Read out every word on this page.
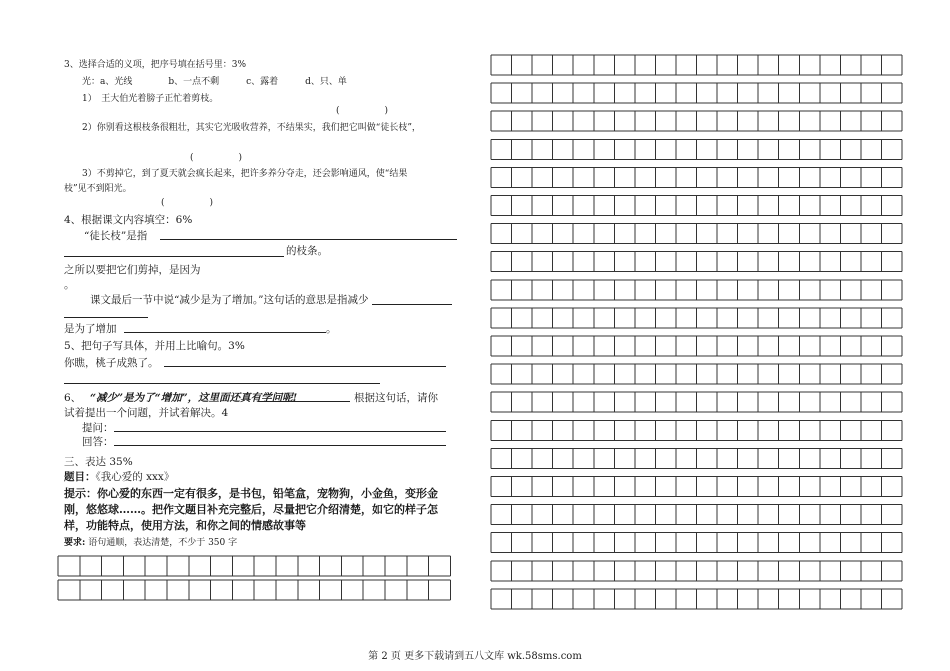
3、选择合适的义项，把序号填在括号里：3%
光：a、光线　　　　b、一点不剩　　　c、露着　　　d、只、单
1）　王大伯光着膀子正忙着剪枝。
(　　　　　)
2）你别看这根枝条很粗壮，其实它光吸收营养，不结果实，我们把它叫做“徒长枝”，
(　　　　　)
3）不剪掉它，到了夏天就会疯长起来，把许多养分夺走，还会影响通风，使“结果
枝”见不到阳光。
(　　　　　)
4、根据课文内容填空：6%
“徒长枝”是指
的枝条。
之所以要把它们剪掉，是因为
。
课文最后一节中说“减少是为了增加。”这句话的意思是指减少
是为了增加	。
5、把句子写具体，并用上比喻句。3%
你瞧，桃子成熟了。
6、 “减少”是为了“增加”，这里面还真有学问呢!	根据这句话，请你
试着提出一个问题，并试着解决。4
提问：
回答：
三、表达 35%
题目：《我心爱的 xxx》
提示：你心爱的东西一定有很多，是书包，铅笔盒，宠物狗，小金鱼，变形金
刚，悠悠球……。把作文题目补充完整后，尽量把它介绍清楚，如它的样子怎
样，功能特点，使用方法，和你之间的情感故事等
要求: 语句通顺，表达清楚，不少于 350 字
第 2 页 更多下载请到五八文库 wk.58sms.com
